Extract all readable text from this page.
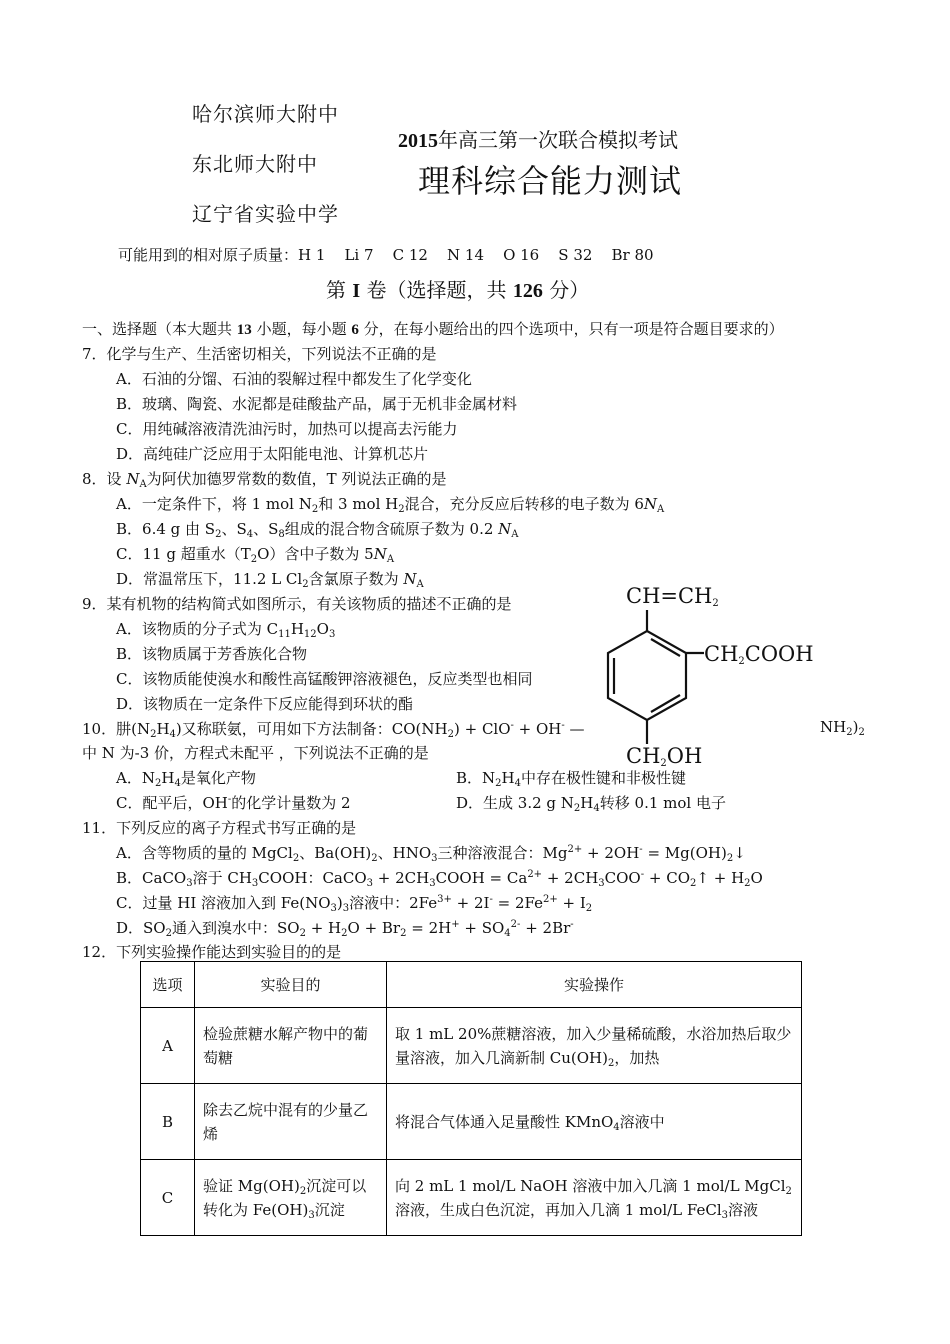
哈尔滨师大附中
东北师大附中
辽宁省实验中学
2015年高三第一次联合模拟考试
理科综合能力测试
可能用到的相对原子质量：H 1    Li 7    C 12    N 14    O 16    S 32    Br 80
第 I 卷（选择题，共 126 分）
一、选择题（本大题共 13 小题，每小题 6 分，在每小题给出的四个选项中，只有一项是符合题目要求的）
7．化学与生产、生活密切相关，下列说法不正确的是
A．石油的分馏、石油的裂解过程中都发生了化学变化
B．玻璃、陶瓷、水泥都是硅酸盐产品，属于无机非金属材料
C．用纯碱溶液清洗油污时，加热可以提高去污能力
D．高纯硅广泛应用于太阳能电池、计算机芯片
8．设 $N_A$为阿伏加德罗常数的数值，T 列说法正确的是
A．一定条件下，将 1 mol $N_2$和 3 mol $H_2$混合，充分反应后转移的电子数为 $6N_A$
B．6.4 g 由 $S_2$、$S_4$、$S_8$组成的混合物含硫原子数为 0.2 $N_A$
C．11 g 超重水$(T_2O)$含中子数为 $5N_A$
D．常温常压下，11.2 L $Cl_2$含氯原子数为 $N_A$
9．某有机物的结构简式如图所示，有关该物质的描述不正确的是
A．该物质的分子式为 $C_{11}H_{12}O_3$
B．该物质属于芳香族化合物
C．该物质能使溴水和酸性高锰酸钾溶液褪色，反应类型也相同
D．该物质在一定条件下反应能得到环状的酯
$CH=CH_2$
$CH_2COOH$
$CH_2OH$
10．肼$(N_2H_4)$又称联氨，可用如下方法制备：$CO(NH_2) + ClO^- + OH^-$ —	$NH_2)_2$
中 N 为-3 价，方程式未配平 ，下列说法不正确的是
A．$N_2H_4$是氧化产物	B．$N_2H_4$中存在极性键和非极性键
C．配平后，OH-的化学计量数为 2	D．生成 3.2 g $N_2H_4$转移 0.1 mol 电子
11．下列反应的离子方程式书写正确的是
A．含等物质的量的 MgCl$_2$、$Ba(OH)_2$、$HNO_3$三种溶液混合：$Mg^{2+} + 2OH^-$ = $Mg(OH)_2↓$
B．CaCO$_3$溶于 $CH_3COOH$：CaCO$_3$ + $2CH_3COOH = Ca^{2+} + 2CH_3COO^-$ + $CO_2↑ + H_2O$
C．过量 HI 溶液加入到 $Fe(NO_3)_3$溶液中：$2Fe^{3+} + 2I^- = 2Fe^{2+} + I_2$
D．$SO_2$通入到溴水中：$SO_2 + H_2O + Br_2 = 2H^+ + SO_4^{2-} + 2Br^-$
12．下列实验操作能达到实验目的的是
选项	实验目的	实验操作
A	检验蔗糖水解产物中的葡萄糖	取 1 mL 20%蔗糖溶液，加入少量稀硫酸，水浴加热后取少量溶液，加入几滴新制 $Cu(OH)_2$，加热
B	除去乙烷中混有的少量乙烯	将混合气体通入足量酸性 KMnO$_4$溶液中
C	验证 $Mg(OH)_2$沉淀可以转化为 $Fe(OH)_3$沉淀	向 2 mL 1 mol/L NaOH 溶液中加入几滴 1 mol/L MgCl$_2$ 溶液，生成白色沉淀，再加入几滴 1 mol/L FeCl$_3$溶液
